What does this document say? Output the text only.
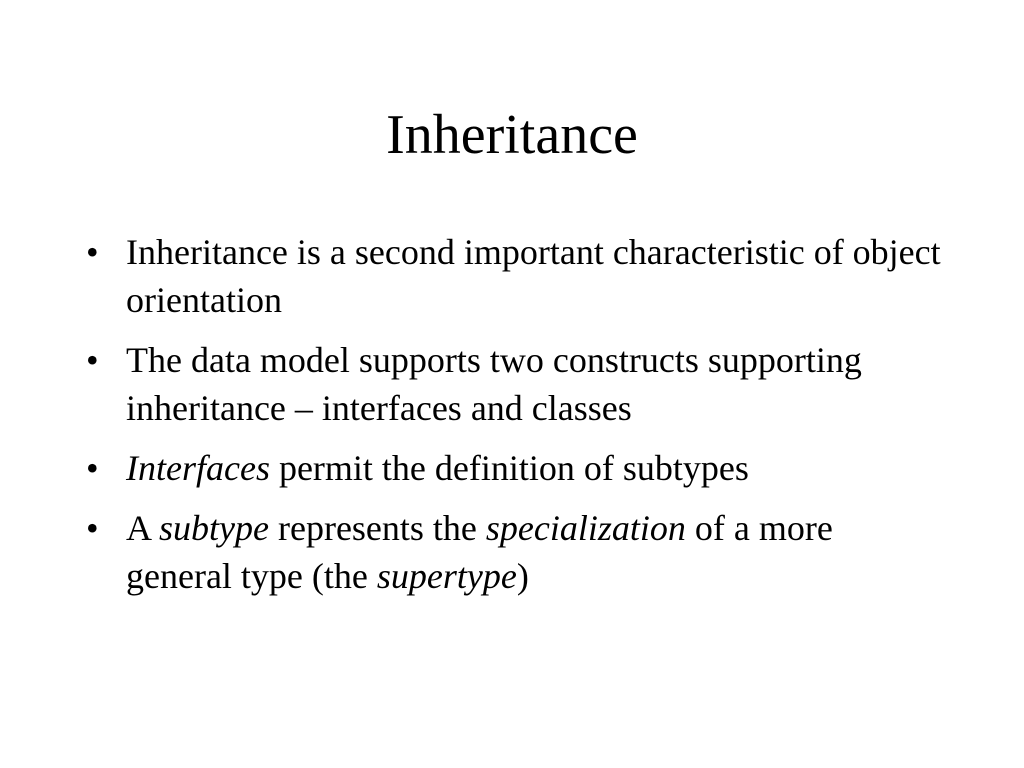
Inheritance
• Inheritance is a second important characteristic of object orientation
• The data model supports two constructs supporting inheritance – interfaces and classes
• Interfaces permit the definition of subtypes
• A subtype represents the specialization of a more general type (the supertype)
